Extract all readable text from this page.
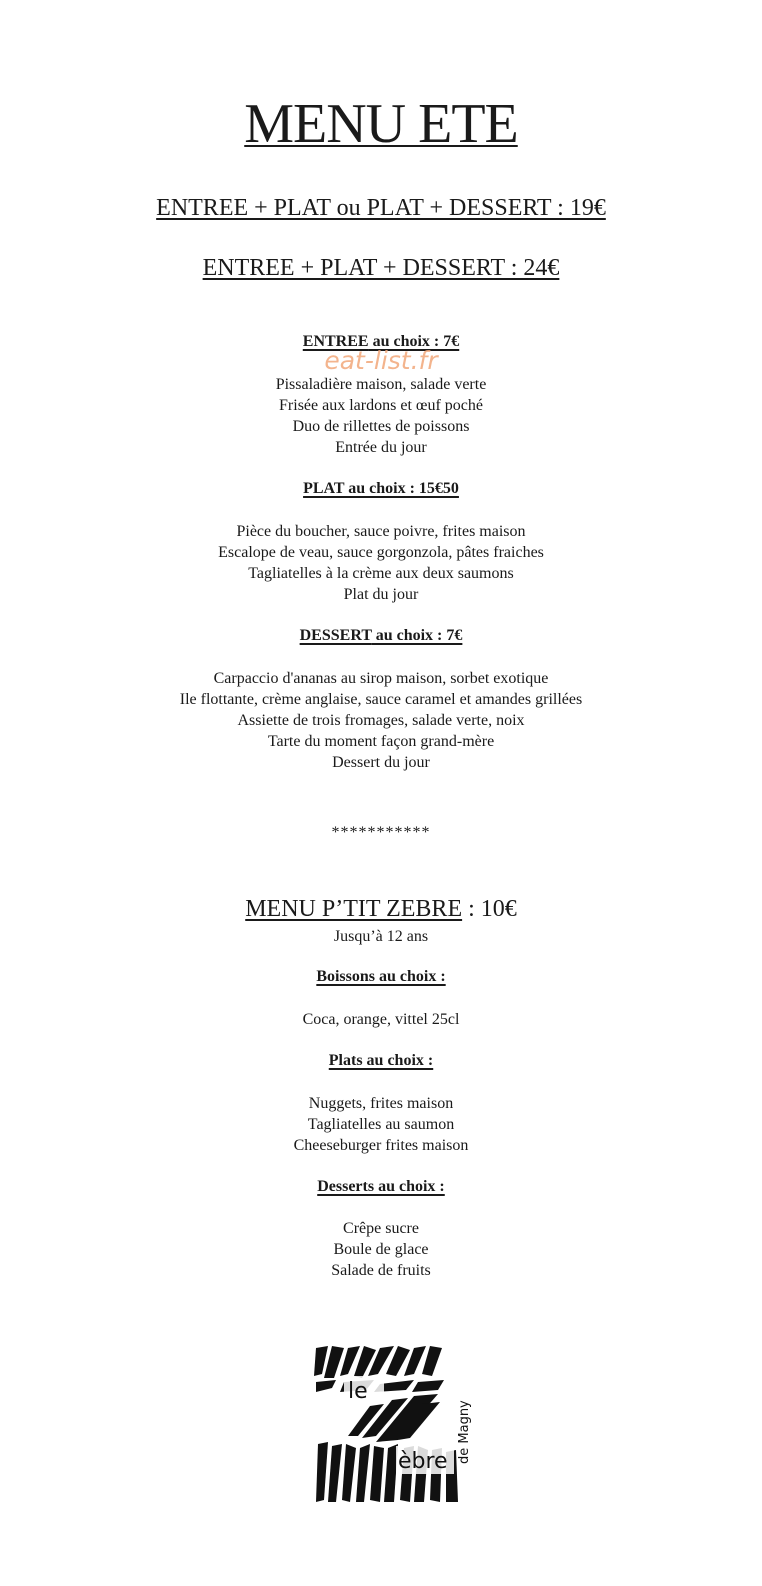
MENU ETE
ENTREE + PLAT ou PLAT + DESSERT : 19€
ENTREE + PLAT + DESSERT : 24€
ENTREE au choix : 7€
eat-list.fr
Pissaladière maison, salade verte
Frisée aux lardons et œuf poché
Duo de rillettes de poissons
Entrée du jour
PLAT au choix : 15€50
Pièce du boucher, sauce poivre, frites maison
Escalope de veau, sauce gorgonzola, pâtes fraiches
Tagliatelles à la crème aux deux saumons
Plat du jour
DESSERT au choix : 7€
Carpaccio d'ananas au sirop maison, sorbet exotique
Ile flottante, crème anglaise, sauce caramel et amandes grillées
Assiette de trois fromages, salade verte, noix
Tarte du moment façon grand-mère
Dessert du jour
***********
MENU P’TIT ZEBRE : 10€
Jusqu’à 12 ans
Boissons au choix :
Coca, orange, vittel 25cl
Plats au choix :
Nuggets, frites maison
Tagliatelles au saumon
Cheeseburger frites maison
Desserts au choix :
Crêpe sucre
Boule de glace
Salade de fruits
le
èbre de Magny
